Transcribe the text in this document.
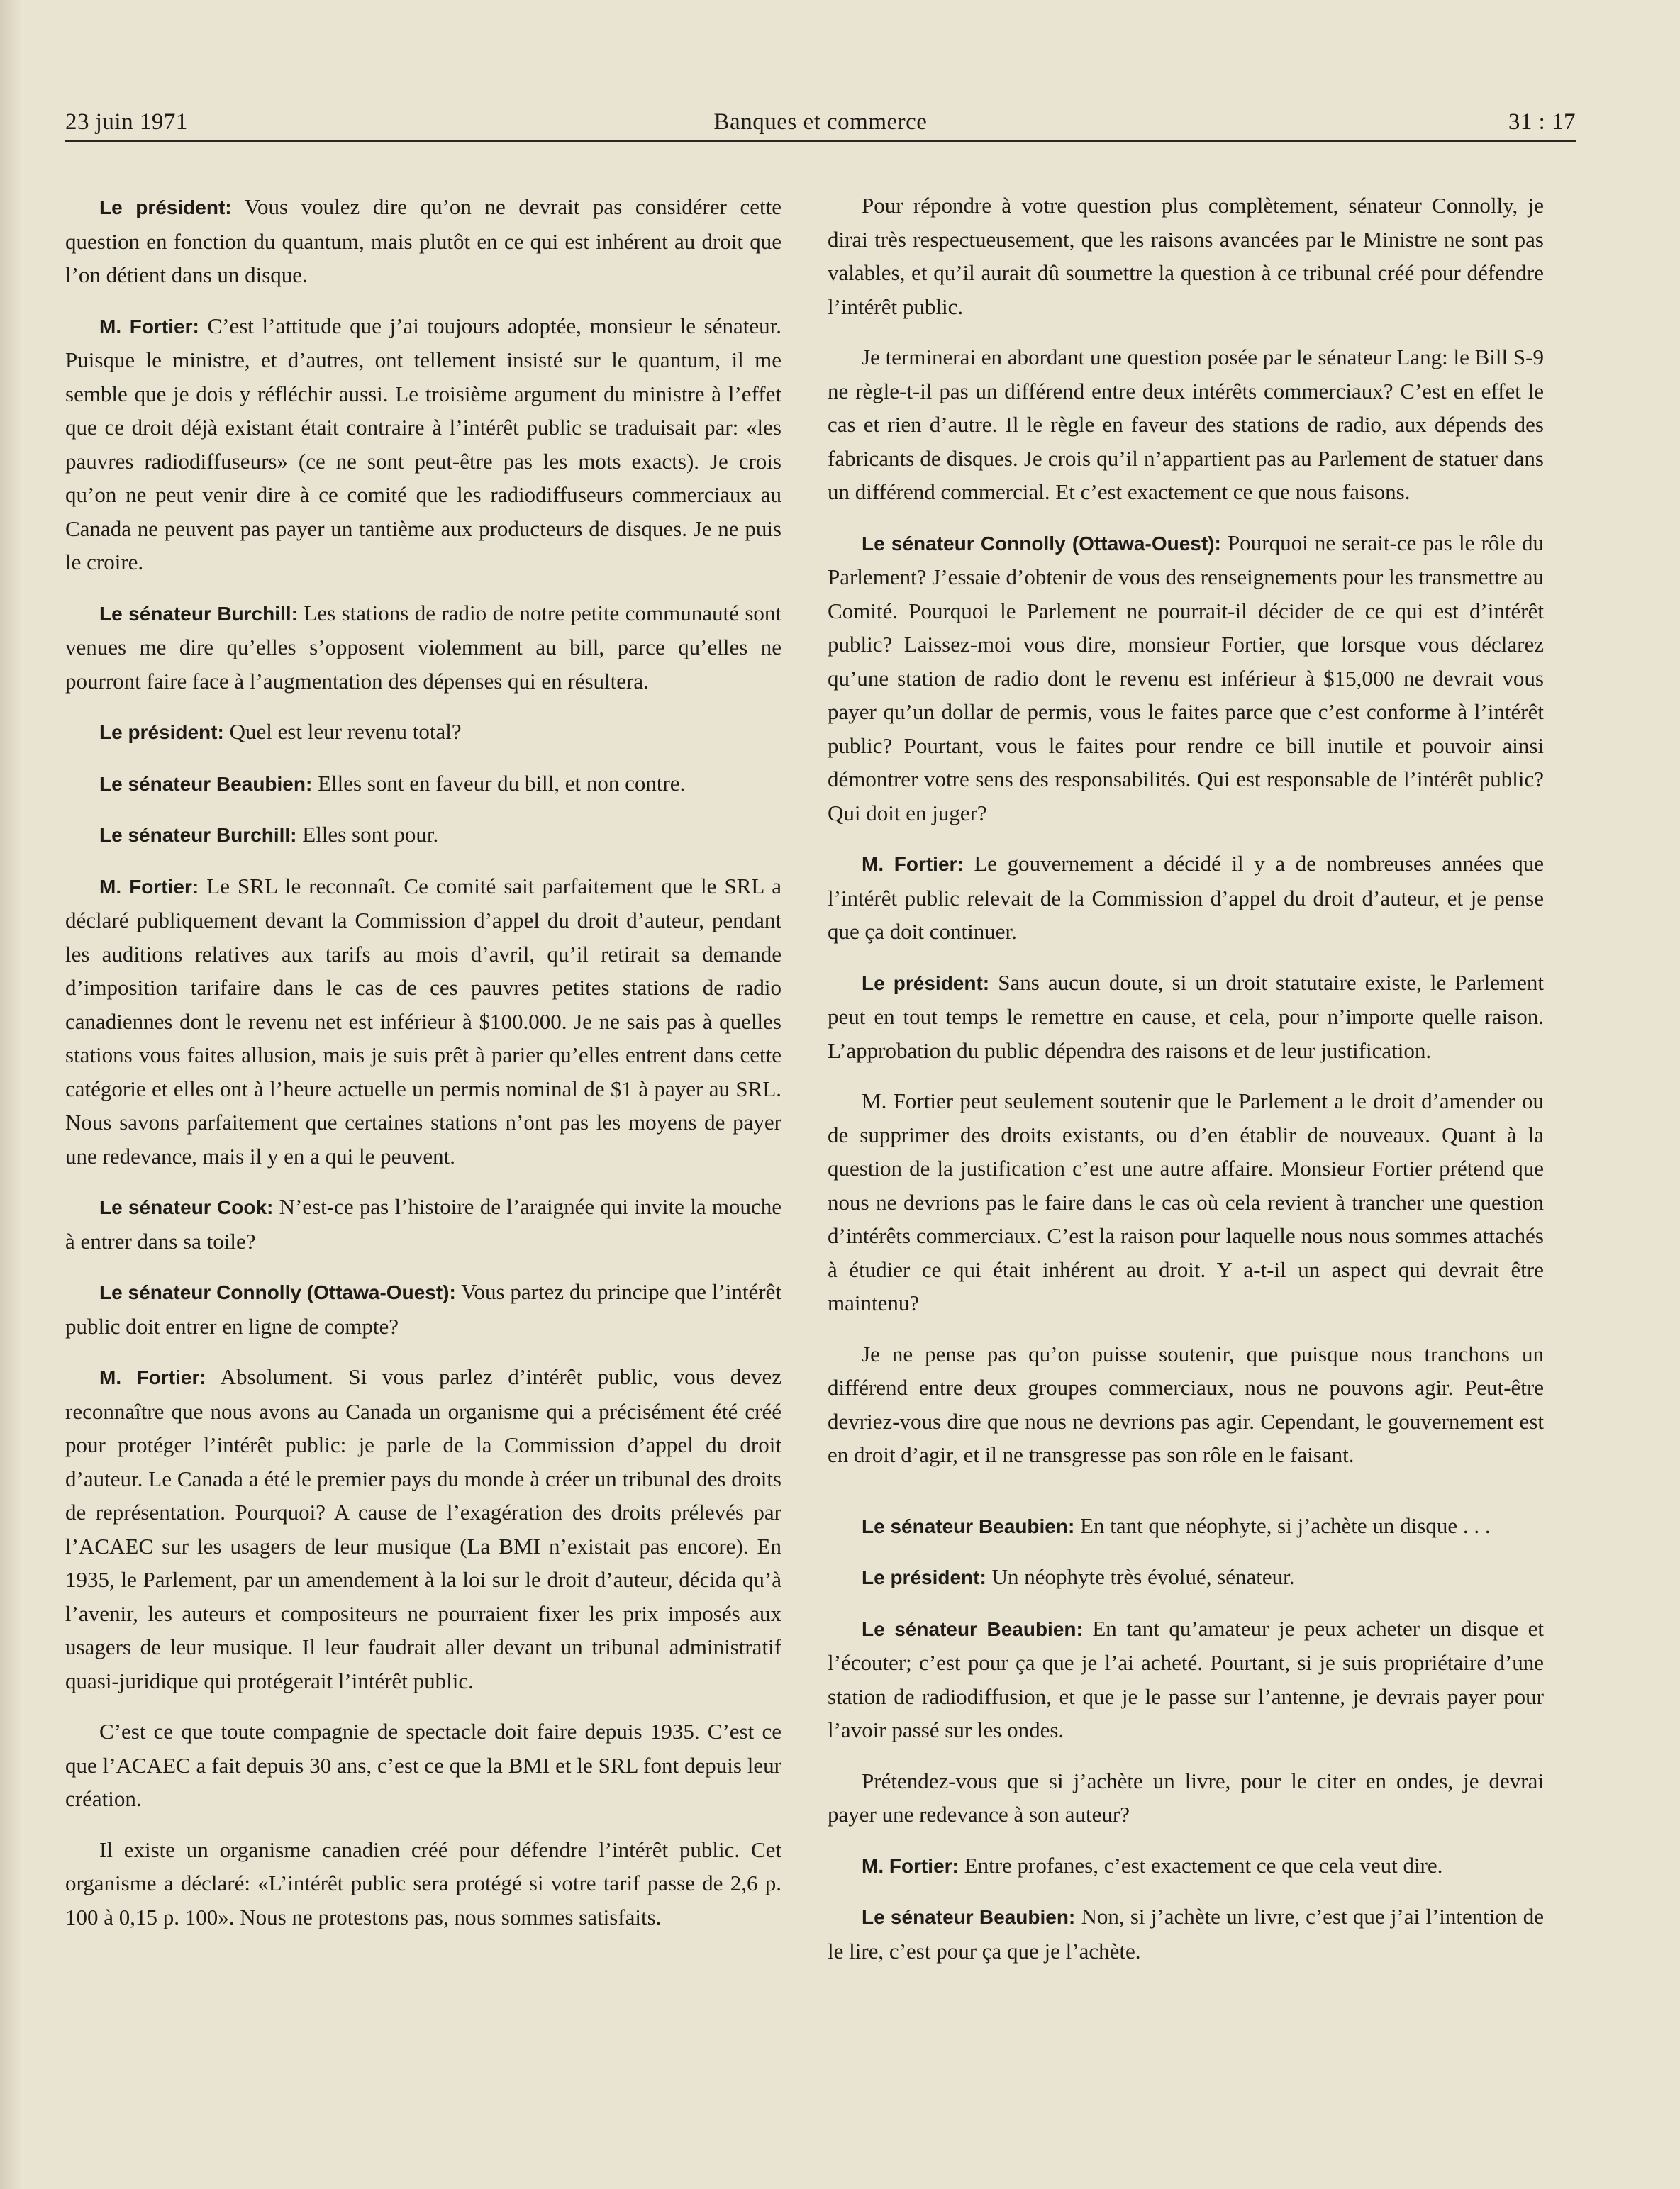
23 juin 1971	Banques et commerce	31 : 17

Le président: Vous voulez dire qu’on ne devrait pas considérer cette question en fonction du quantum, mais plutôt en ce qui est inhérent au droit que l’on détient dans un disque.

M. Fortier: C’est l’attitude que j’ai toujours adoptée, monsieur le sénateur. Puisque le ministre, et d’autres, ont tellement insisté sur le quantum, il me semble que je dois y réfléchir aussi. Le troisième argument du ministre à l’effet que ce droit déjà existant était contraire à l’intérêt public se traduisait par: «les pauvres radiodiffuseurs» (ce ne sont peut-être pas les mots exacts). Je crois qu’on ne peut venir dire à ce comité que les radiodiffuseurs commerciaux au Canada ne peuvent pas payer un tantième aux producteurs de disques. Je ne puis le croire.

Le sénateur Burchill: Les stations de radio de notre petite communauté sont venues me dire qu’elles s’opposent violemment au bill, parce qu’elles ne pourront faire face à l’augmentation des dépenses qui en résultera.

Le président: Quel est leur revenu total?

Le sénateur Beaubien: Elles sont en faveur du bill, et non contre.

Le sénateur Burchill: Elles sont pour.

M. Fortier: Le SRL le reconnaît. Ce comité sait parfaitement que le SRL a déclaré publiquement devant la Commission d’appel du droit d’auteur, pendant les auditions relatives aux tarifs au mois d’avril, qu’il retirait sa demande d’imposition tarifaire dans le cas de ces pauvres petites stations de radio canadiennes dont le revenu net est inférieur à $100.000. Je ne sais pas à quelles stations vous faites allusion, mais je suis prêt à parier qu’elles entrent dans cette catégorie et elles ont à l’heure actuelle un permis nominal de $1 à payer au SRL. Nous savons parfaitement que certaines stations n’ont pas les moyens de payer une redevance, mais il y en a qui le peuvent.

Le sénateur Cook: N’est-ce pas l’histoire de l’araignée qui invite la mouche à entrer dans sa toile?

Le sénateur Connolly (Ottawa-Ouest): Vous partez du principe que l’intérêt public doit entrer en ligne de compte?

M. Fortier: Absolument. Si vous parlez d’intérêt public, vous devez reconnaître que nous avons au Canada un organisme qui a précisément été créé pour protéger l’intérêt public: je parle de la Commission d’appel du droit d’auteur. Le Canada a été le premier pays du monde à créer un tribunal des droits de représentation. Pourquoi? A cause de l’exagération des droits prélevés par l’ACAEC sur les usagers de leur musique (La BMI n’existait pas encore). En 1935, le Parlement, par un amendement à la loi sur le droit d’auteur, décida qu’à l’avenir, les auteurs et compositeurs ne pourraient fixer les prix imposés aux usagers de leur musique. Il leur faudrait aller devant un tribunal administratif quasi-juridique qui protégerait l’intérêt public.

C’est ce que toute compagnie de spectacle doit faire depuis 1935. C’est ce que l’ACAEC a fait depuis 30 ans, c’est ce que la BMI et le SRL font depuis leur création.

Il existe un organisme canadien créé pour défendre l’intérêt public. Cet organisme a déclaré: «L’intérêt public sera protégé si votre tarif passe de 2,6 p. 100 à 0,15 p. 100». Nous ne protestons pas, nous sommes satisfaits.

Pour répondre à votre question plus complètement, sénateur Connolly, je dirai très respectueusement, que les raisons avancées par le Ministre ne sont pas valables, et qu’il aurait dû soumettre la question à ce tribunal créé pour défendre l’intérêt public.

Je terminerai en abordant une question posée par le sénateur Lang: le Bill S-9 ne règle-t-il pas un différend entre deux intérêts commerciaux? C’est en effet le cas et rien d’autre. Il le règle en faveur des stations de radio, aux dépends des fabricants de disques. Je crois qu’il n’appartient pas au Parlement de statuer dans un différend commercial. Et c’est exactement ce que nous faisons.

Le sénateur Connolly (Ottawa-Ouest): Pourquoi ne serait-ce pas le rôle du Parlement? J’essaie d’obtenir de vous des renseignements pour les transmettre au Comité. Pourquoi le Parlement ne pourrait-il décider de ce qui est d’intérêt public? Laissez-moi vous dire, monsieur Fortier, que lorsque vous déclarez qu’une station de radio dont le revenu est inférieur à $15,000 ne devrait vous payer qu’un dollar de permis, vous le faites parce que c’est conforme à l’intérêt public? Pourtant, vous le faites pour rendre ce bill inutile et pouvoir ainsi démontrer votre sens des responsabilités. Qui est responsable de l’intérêt public? Qui doit en juger?

M. Fortier: Le gouvernement a décidé il y a de nombreuses années que l’intérêt public relevait de la Commission d’appel du droit d’auteur, et je pense que ça doit continuer.

Le président: Sans aucun doute, si un droit statutaire existe, le Parlement peut en tout temps le remettre en cause, et cela, pour n’importe quelle raison. L’approbation du public dépendra des raisons et de leur justification.

M. Fortier peut seulement soutenir que le Parlement a le droit d’amender ou de supprimer des droits existants, ou d’en établir de nouveaux. Quant à la question de la justification c’est une autre affaire. Monsieur Fortier prétend que nous ne devrions pas le faire dans le cas où cela revient à trancher une question d’intérêts commerciaux. C’est la raison pour laquelle nous nous sommes attachés à étudier ce qui était inhérent au droit. Y a-t-il un aspect qui devrait être maintenu?

Je ne pense pas qu’on puisse soutenir, que puisque nous tranchons un différend entre deux groupes commerciaux, nous ne pouvons agir. Peut-être devriez-vous dire que nous ne devrions pas agir. Cependant, le gouvernement est en droit d’agir, et il ne transgresse pas son rôle en le faisant.

Le sénateur Beaubien: En tant que néophyte, si j’achète un disque . . .

Le président: Un néophyte très évolué, sénateur.

Le sénateur Beaubien: En tant qu’amateur je peux acheter un disque et l’écouter; c’est pour ça que je l’ai acheté. Pourtant, si je suis propriétaire d’une station de radiodiffusion, et que je le passe sur l’antenne, je devrais payer pour l’avoir passé sur les ondes.

Prétendez-vous que si j’achète un livre, pour le citer en ondes, je devrai payer une redevance à son auteur?

M. Fortier: Entre profanes, c’est exactement ce que cela veut dire.

Le sénateur Beaubien: Non, si j’achète un livre, c’est que j’ai l’intention de le lire, c’est pour ça que je l’achète.
